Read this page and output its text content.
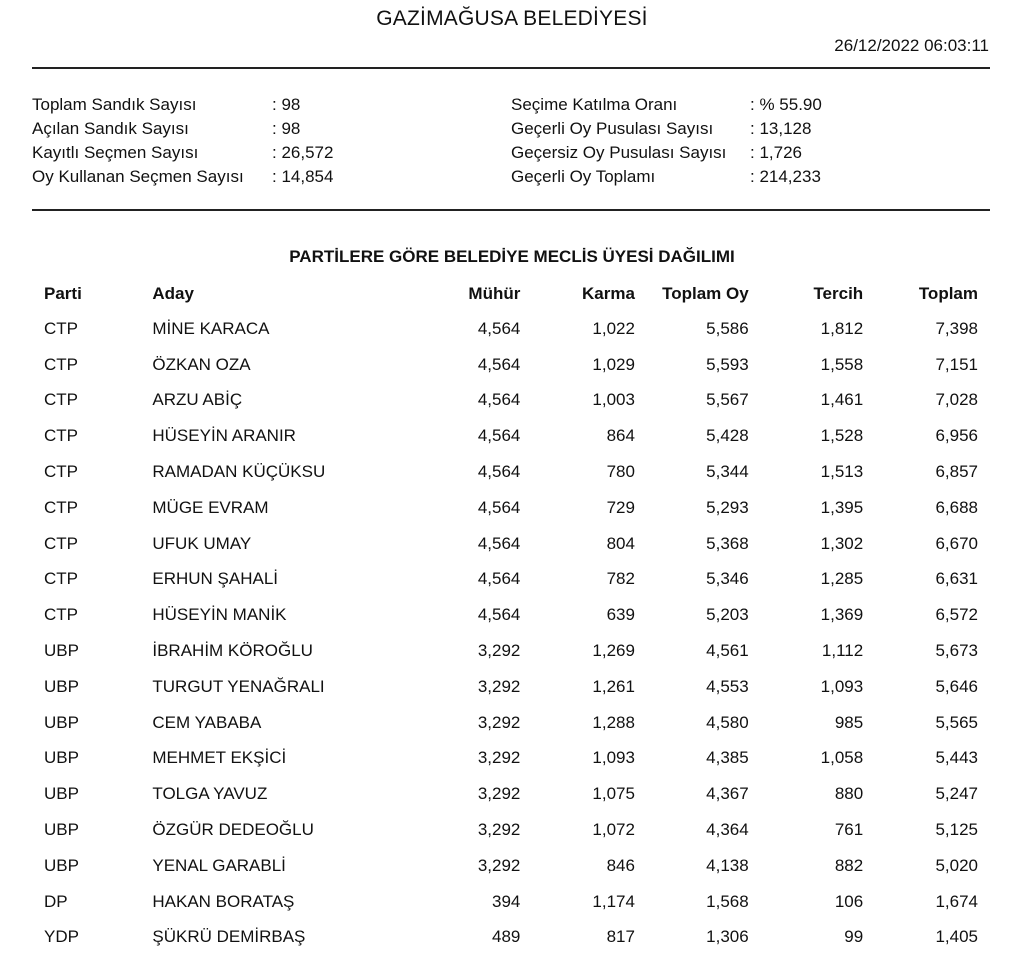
GAZİMAĞUSA BELEDİYESİ
26/12/2022 06:03:11
Toplam Sandık Sayısı	: 98
Açılan Sandık Sayısı	: 98
Kayıtlı Seçmen Sayısı	: 26,572
Oy Kullanan Seçmen Sayısı	: 14,854
Seçime Katılma Oranı	: % 55.90
Geçerli Oy Pusulası Sayısı	: 13,128
Geçersiz Oy Pusulası Sayısı	: 1,726
Geçerli Oy Toplamı	: 214,233
PARTİLERE GÖRE BELEDİYE MECLİS ÜYESİ DAĞILIMI
Parti	Aday	Mühür	Karma	Toplam Oy	Tercih	Toplam
CTP	MİNE KARACA	4,564	1,022	5,586	1,812	7,398
CTP	ÖZKAN OZA	4,564	1,029	5,593	1,558	7,151
CTP	ARZU ABİÇ	4,564	1,003	5,567	1,461	7,028
CTP	HÜSEYİN ARANIR	4,564	864	5,428	1,528	6,956
CTP	RAMADAN KÜÇÜKSU	4,564	780	5,344	1,513	6,857
CTP	MÜGE EVRAM	4,564	729	5,293	1,395	6,688
CTP	UFUK UMAY	4,564	804	5,368	1,302	6,670
CTP	ERHUN ŞAHALİ	4,564	782	5,346	1,285	6,631
CTP	HÜSEYİN MANİK	4,564	639	5,203	1,369	6,572
UBP	İBRAHİM KÖROĞLU	3,292	1,269	4,561	1,112	5,673
UBP	TURGUT YENAĞRALI	3,292	1,261	4,553	1,093	5,646
UBP	CEM YABABA	3,292	1,288	4,580	985	5,565
UBP	MEHMET EKŞİCİ	3,292	1,093	4,385	1,058	5,443
UBP	TOLGA YAVUZ	3,292	1,075	4,367	880	5,247
UBP	ÖZGÜR DEDEOĞLU	3,292	1,072	4,364	761	5,125
UBP	YENAL GARABLİ	3,292	846	4,138	882	5,020
DP	HAKAN BORATAŞ	394	1,174	1,568	106	1,674
YDP	ŞÜKRÜ DEMİRBAŞ	489	817	1,306	99	1,405
